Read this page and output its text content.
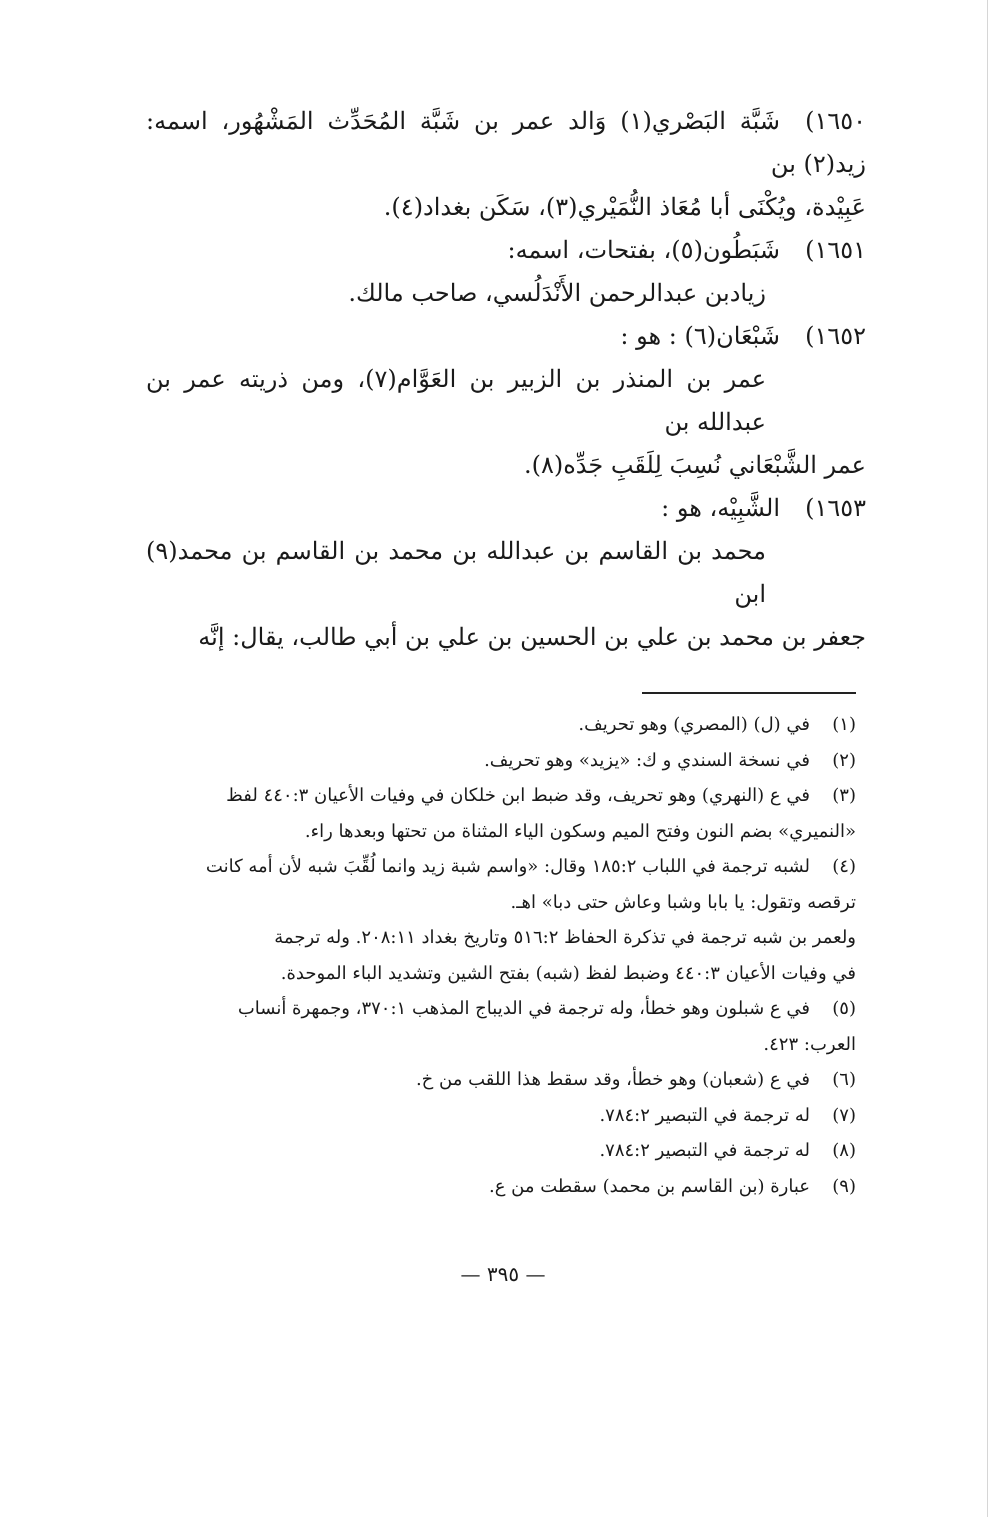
١٦٥٠)شَبَّة البَصْري(١) وَالد عمر بن شَبَّة المُحَدِّث المَشْهُور، اسمه: زيد(٢) بن
عَبِيْدة، ويُكْنَى أبا مُعَاذ النُّمَيْري(٣)، سَكَن بغداد(٤).
١٦٥١)شَبَطُون(٥)، بفتحات، اسمه:
زيادبن عبدالرحمن الأَنْدَلُسي، صاحب مالك.
١٦٥٢)شَبْعَان(٦) : هو :
عمر بن المنذر بن الزبير بن العَوَّام(٧)، ومن ذريته عمر بن عبدالله بن
عمر الشَّبْعَاني نُسِبَ لِلَقَبِ جَدِّه(٨).
١٦٥٣)الشَّبِيْه، هو :
محمد بن القاسم بن عبدالله بن محمد بن القاسم بن محمد(٩) ابن
جعفر بن محمد بن علي بن الحسين بن علي بن أبي طالب، يقال: إنَّه
(١)في (ل) (المصري) وهو تحريف.
(٢)في نسخة السندي و ك: «يزيد» وهو تحريف.
(٣)في ع (النهري) وهو تحريف، وقد ضبط ابن خلكان في وفيات الأعيان ٤٤٠:٣ لفظ
«النميري» بضم النون وفتح الميم وسكون الياء المثناة من تحتها وبعدها راء.
(٤)لشبه ترجمة في اللباب ١٨٥:٢ وقال: «واسم شبة زيد وانما لُقِّبَ شبه لأن أمه كانت
ترقصه وتقول: يا بابا وشبا وعاش حتى دبا» اهـ.
ولعمر بن شبه ترجمة في تذكرة الحفاظ ٥١٦:٢ وتاريخ بغداد ٢٠٨:١١. وله ترجمة
في وفيات الأعيان ٤٤٠:٣ وضبط لفظ (شبه) بفتح الشين وتشديد الباء الموحدة.
(٥)في ع شبلون وهو خطأ، وله ترجمة في الديباج المذهب ٣٧٠:١، وجمهرة أنساب
العرب: ٤٢٣.
(٦)في ع (شعبان) وهو خطأ، وقد سقط هذا اللقب من خ.
(٧)له ترجمة في التبصير ٧٨٤:٢.
(٨)له ترجمة في التبصير ٧٨٤:٢.
(٩)عبارة (بن القاسم بن محمد) سقطت من ع.
— ٣٩٥ —
